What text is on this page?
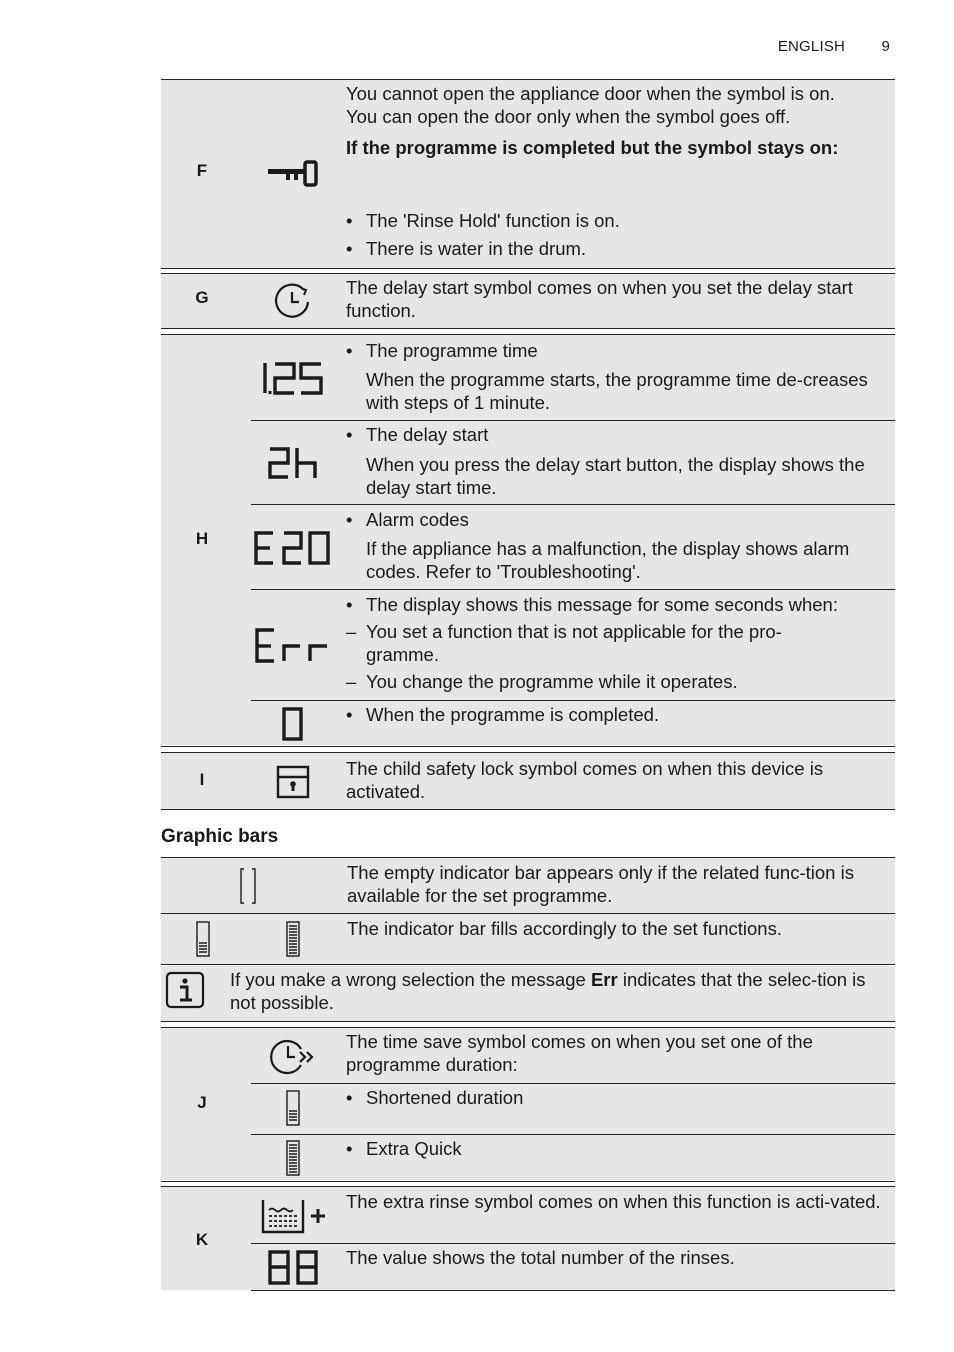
ENGLISH 9
F

You cannot open the appliance door when the symbol is on.

You can open the door only when the symbol goes off.

If the programme is completed but the symbol stays on:

• The 'Rinse Hold' function is on.
• There is water in the drum.
G	The delay start symbol comes on when you set the delay start function.
H
• The programme time
When the programme starts, the programme time de-creases with steps of 1 minute.
• The delay start
When you press the delay start button, the display shows the delay start time.
• Alarm codes
If the appliance has a malfunction, the display shows alarm codes. Refer to 'Troubleshooting'.
• The display shows this message for some seconds when:
– You set a function that is not applicable for the pro-gramme.
– You change the programme while it operates.
• When the programme is completed.
I
The child safety lock symbol comes on when this device is activated.
Graphic bars
The empty indicator bar appears only if the related func-tion is available for the set programme.
The indicator bar fills accordingly to the set functions.
If you make a wrong selection the message Err indicates that the selec-tion is not possible.
J
The time save symbol comes on when you set one of the programme duration:
• Shortened duration
• Extra Quick
K
The extra rinse symbol comes on when this function is acti-vated.
The value shows the total number of the rinses.
